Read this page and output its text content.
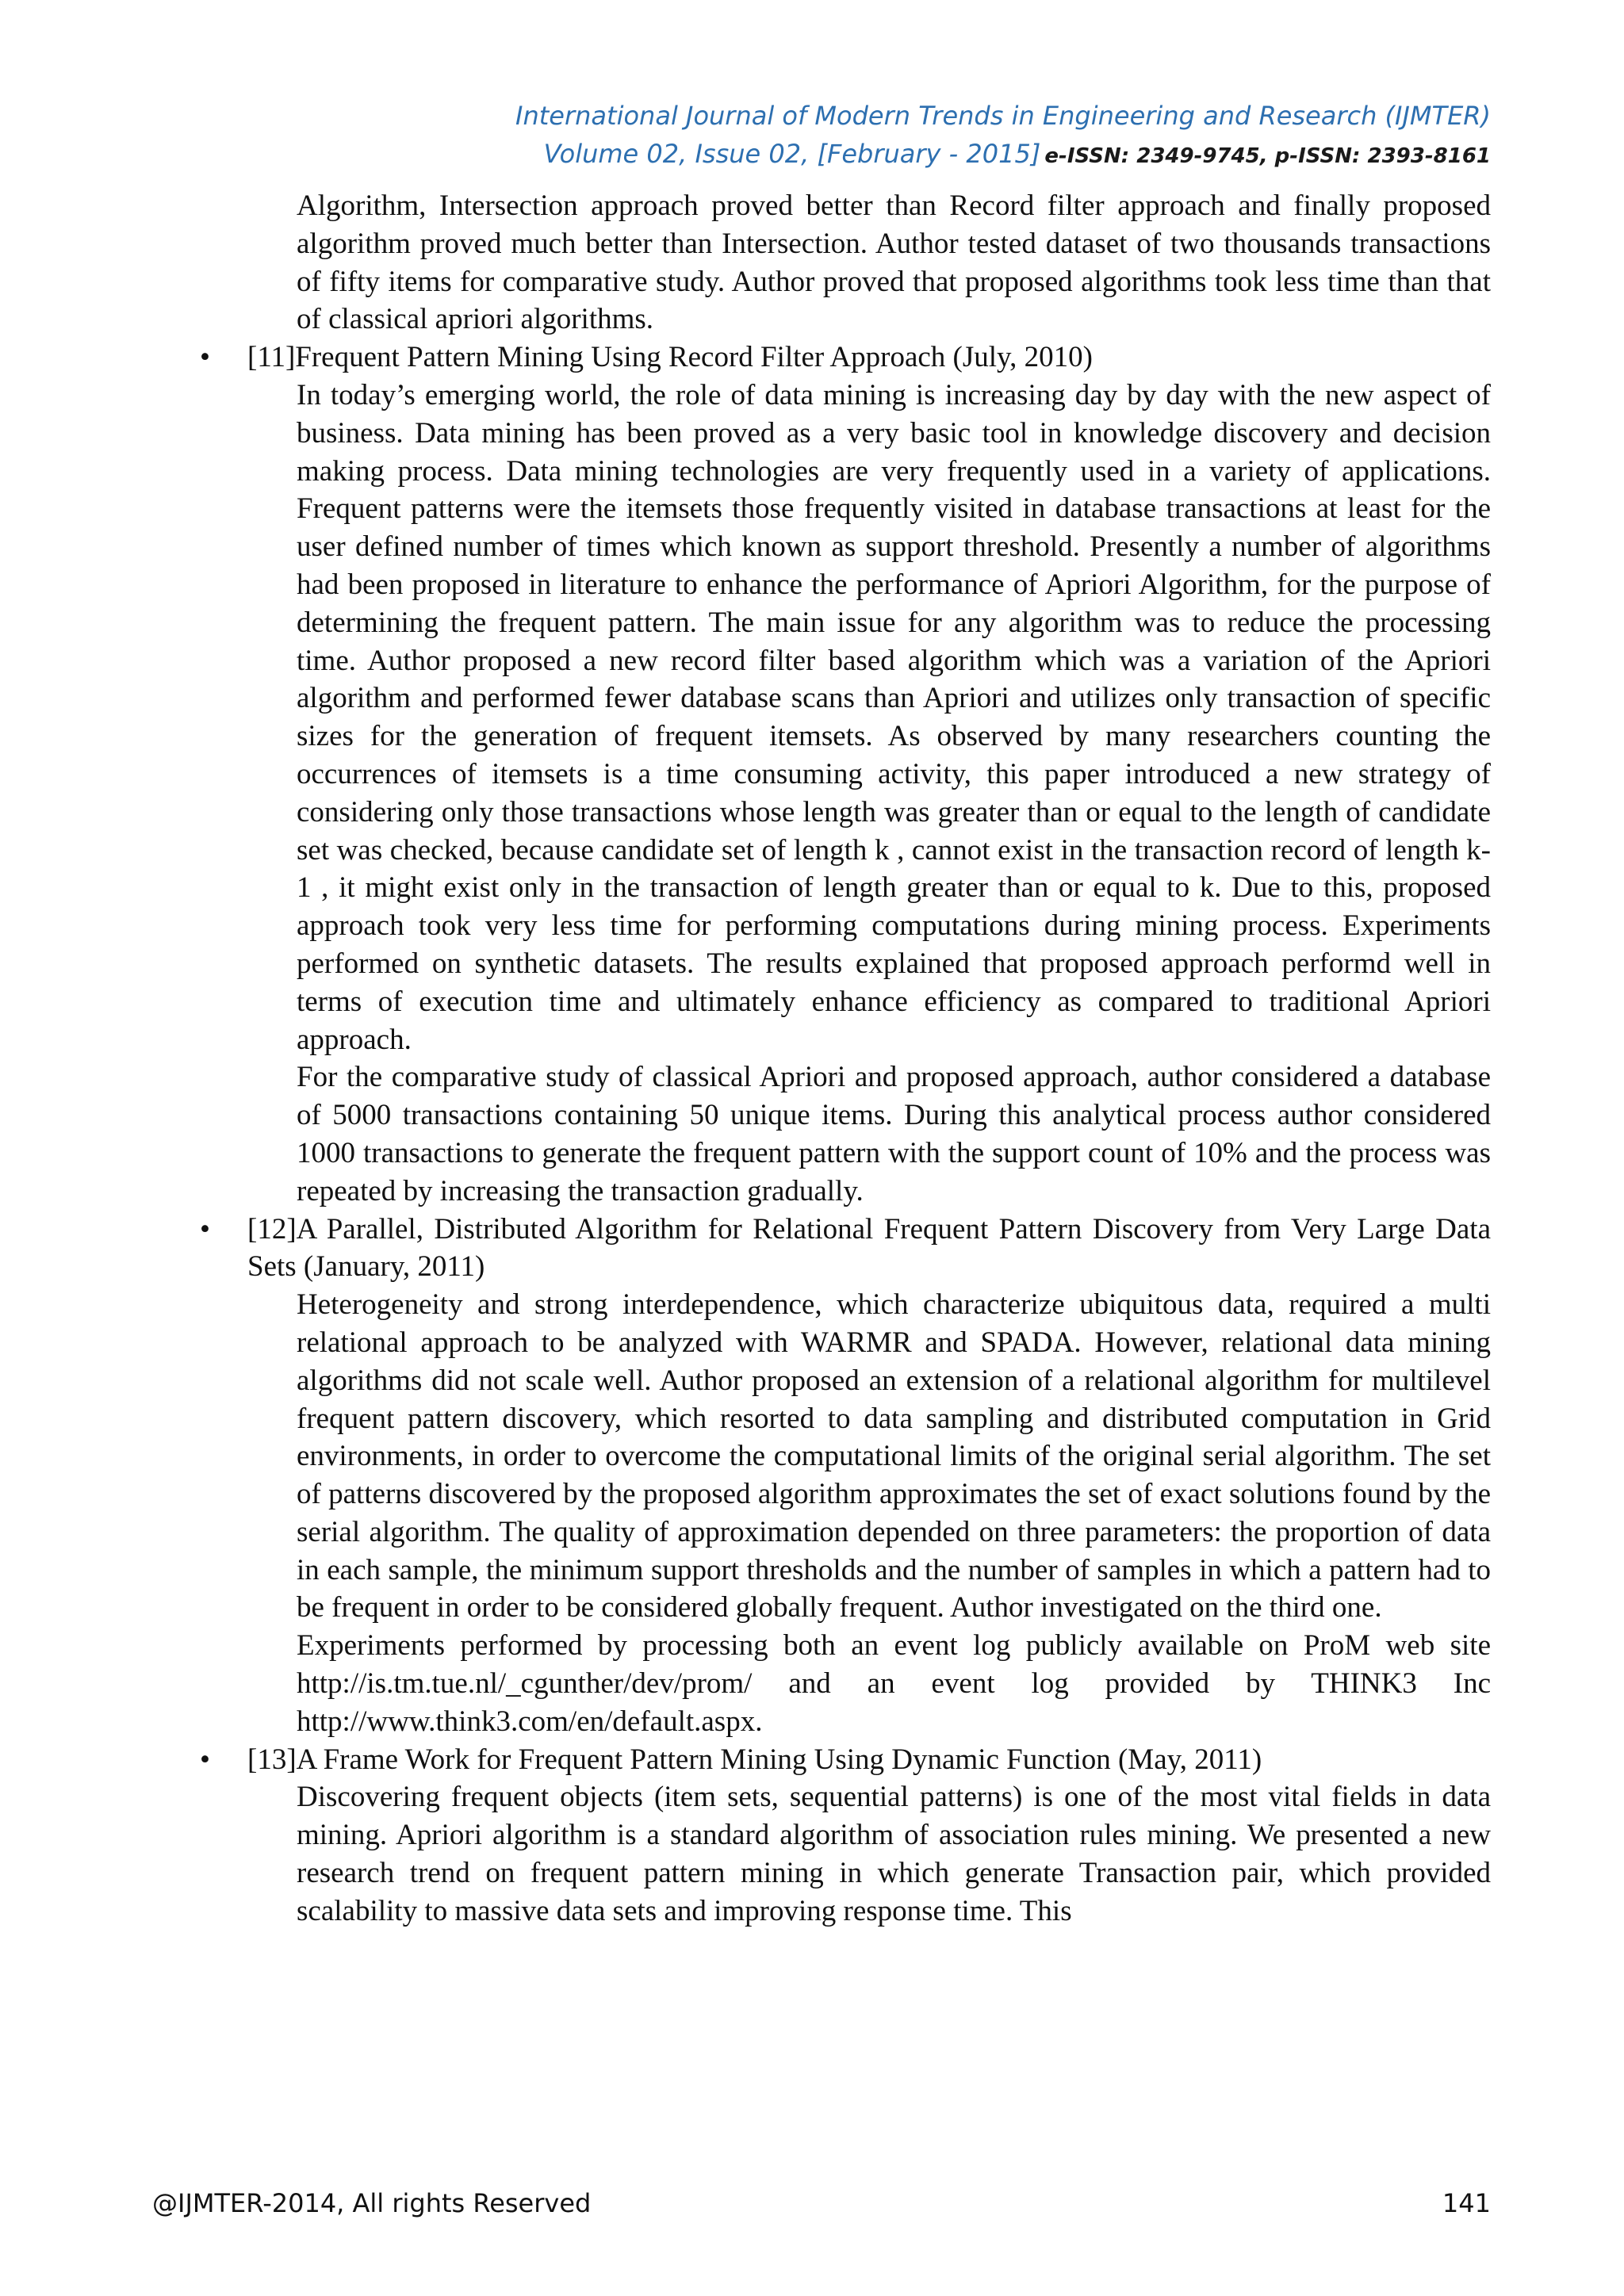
International Journal of Modern Trends in Engineering and Research (IJMTER)
Volume 02, Issue 02, [February - 2015] e-ISSN: 2349-9745, p-ISSN: 2393-8161

Algorithm, Intersection approach proved better than Record filter approach and finally proposed algorithm proved much better than Intersection. Author tested dataset of two thousands transactions of fifty items for comparative study. Author proved that proposed algorithms took less time than that of classical apriori algorithms.

• [11]Frequent Pattern Mining Using Record Filter Approach (July, 2010)

In today’s emerging world, the role of data mining is increasing day by day with the new aspect of business. Data mining has been proved as a very basic tool in knowledge discovery and decision making process. Data mining technologies are very frequently used in a variety of applications. Frequent patterns were the itemsets those frequently visited in database transactions at least for the user defined number of times which known as support threshold. Presently a number of algorithms had been proposed in literature to enhance the performance of Apriori Algorithm, for the purpose of determining the frequent pattern. The main issue for any algorithm was to reduce the processing time. Author proposed a new record filter based algorithm which was a variation of the Apriori algorithm and performed fewer database scans than Apriori and utilizes only transaction of specific sizes for the generation of frequent itemsets. As observed by many researchers counting the occurrences of itemsets is a time consuming activity, this paper introduced a new strategy of considering only those transactions whose length was greater than or equal to the length of candidate set was checked, because candidate set of length k , cannot exist in the transaction record of length k-1 , it might exist only in the transaction of length greater than or equal to k. Due to this, proposed approach took very less time for performing computations during mining process. Experiments performed on synthetic datasets. The results explained that proposed approach performd well in terms of execution time and ultimately enhance efficiency as compared to traditional Apriori approach.

For the comparative study of classical Apriori and proposed approach, author considered a database of 5000 transactions containing 50 unique items. During this analytical process author considered 1000 transactions to generate the frequent pattern with the support count of 10% and the process was repeated by increasing the transaction gradually.

• [12]A Parallel, Distributed Algorithm for Relational Frequent Pattern Discovery from Very Large Data Sets (January, 2011)

Heterogeneity and strong interdependence, which characterize ubiquitous data, required a multi relational approach to be analyzed with WARMR and SPADA. However, relational data mining algorithms did not scale well. Author proposed an extension of a relational algorithm for multilevel frequent pattern discovery, which resorted to data sampling and distributed computation in Grid environments, in order to overcome the computational limits of the original serial algorithm. The set of patterns discovered by the proposed algorithm approximates the set of exact solutions found by the serial algorithm. The quality of approximation depended on three parameters: the proportion of data in each sample, the minimum support thresholds and the number of samples in which a pattern had to be frequent in order to be considered globally frequent. Author investigated on the third one.

Experiments performed by processing both an event log publicly available on ProM web site http://is.tm.tue.nl/_cgunther/dev/prom/ and an event log provided by THINK3 Inc http://www.think3.com/en/default.aspx.

• [13]A Frame Work for Frequent Pattern Mining Using Dynamic Function (May, 2011)

Discovering frequent objects (item sets, sequential patterns) is one of the most vital fields in data mining. Apriori algorithm is a standard algorithm of association rules mining. We presented a new research trend on frequent pattern mining in which generate Transaction pair, which provided scalability to massive data sets and improving response time. This

@IJMTER-2014, All rights Reserved	141
